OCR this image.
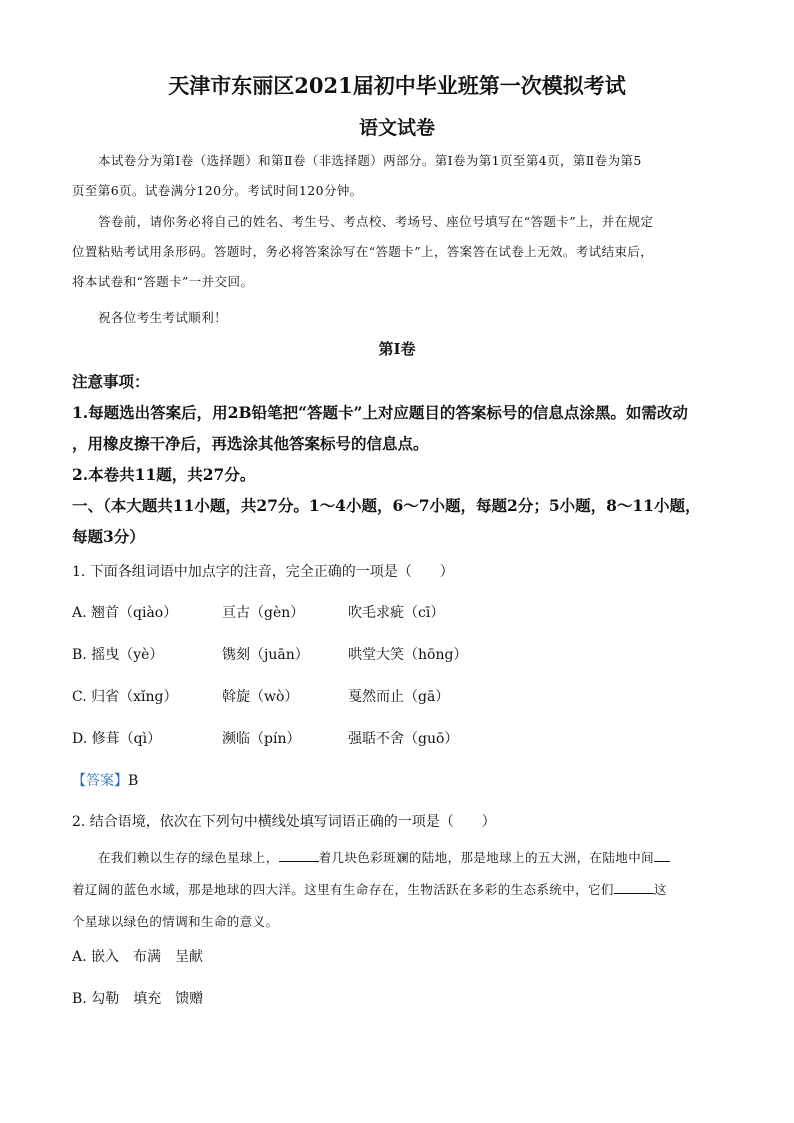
天津市东丽区2021届初中毕业班第一次模拟考试
语文试卷

本试卷分为第Ⅰ卷（选择题）和第Ⅱ卷（非选择题）两部分。第Ⅰ卷为第1页至第4页，第Ⅱ卷为第5

页至第6页。试卷满分120分。考试时间120分钟。

答卷前，请你务必将自己的姓名、考生号、考点校、考场号、座位号填写在“答题卡”上，并在规定

位置粘贴考试用条形码。答题时，务必将答案涂写在“答题卡”上，答案答在试卷上无效。考试结束后，

将本试卷和“答题卡”一并交回。

祝各位考生考试顺利！

第Ⅰ卷

注意事项：

1.每题选出答案后，用2B铅笔把“答题卡”上对应题目的答案标号的信息点涂黑。如需改动

，用橡皮擦干净后，再选涂其他答案标号的信息点。

2.本卷共11题，共27分。

一、（本大题共11小题，共27分。1～4小题，6～7小题，每题2分；5小题，8～11小题，

每题3分）

1. 下面各组词语中加点字的注音，完全正确的一项是（　　）
A. 翘首（qiào）	亘古（gèn）	吹毛求疵（cī）
B. 摇曳（yè）	镌刻（juān）	哄堂大笑（hōng）
C. 归省（xǐng）	斡旋（wò）	戛然而止（gā）
D. 修葺（qì）	濒临（pín）	强聒不舍（guō）
【答案】B
2. 结合语境，依次在下列句中横线处填写词语正确的一项是（　　）

在我们赖以生存的绿色星球上，	着几块色彩斑斓的陆地，那是地球上的五大洲，在陆地中间

着辽阔的蓝色水域，那是地球的四大洋。这里有生命存在，生物活跃在多彩的生态系统中，它们	这

个星球以绿色的情调和生命的意义。

A. 嵌入　布满　呈献
B. 勾勒　填充　馈赠
